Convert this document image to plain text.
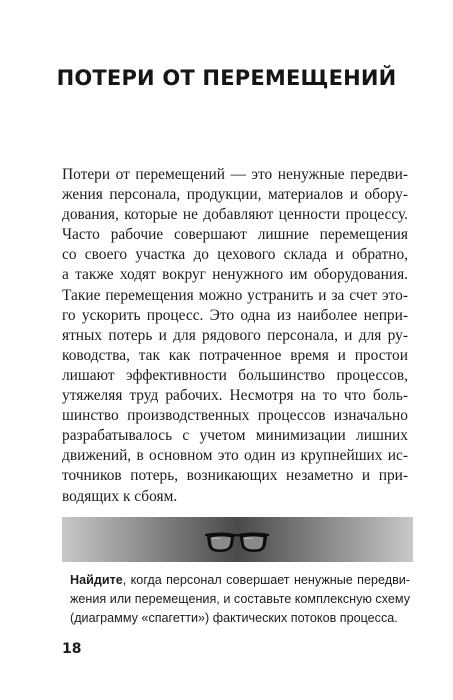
ПОТЕРИ ОТ ПЕРЕМЕЩЕНИЙ
Потери от перемещений — это ненужные передви-
жения персонала, продукции, материалов и обору-
дования, которые не добавляют ценности процессу.
Часто рабочие совершают лишние перемещения
со своего участка до цехового склада и обратно,
а также ходят вокруг ненужного им оборудования.
Такие перемещения можно устранить и за счет это-
го ускорить процесс. Это одна из наиболее непри-
ятных потерь и для рядового персонала, и для ру-
ководства, так как потраченное время и простои
лишают эффективности большинство процессов,
утяжеляя труд рабочих. Несмотря на то что боль-
шинство производственных процессов изначально
разрабатывалось с учетом минимизации лишних
движений, в основном это один из крупнейших ис-
точников потерь, возникающих незаметно и при-
водящих к сбоям.
Найдите, когда персонал совершает ненужные передви-
жения или перемещения, и составьте комплексную схему
(диаграмму «спагетти») фактических потоков процесса.
18
